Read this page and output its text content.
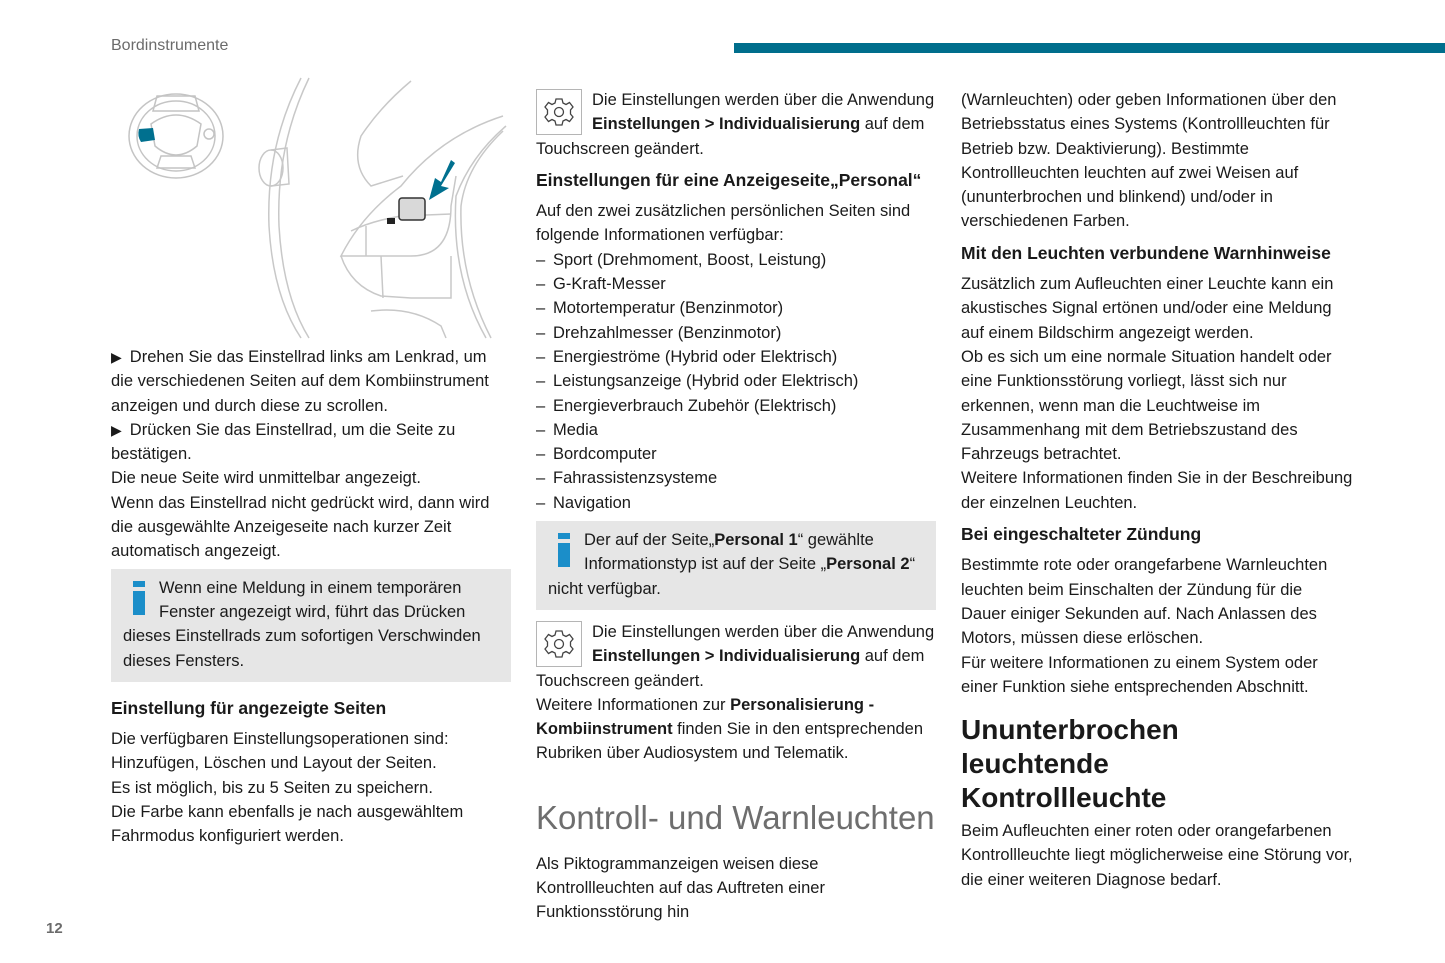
Bordinstrumente

▶ Drehen Sie das Einstellrad links am Lenkrad, um die verschiedenen Seiten auf dem Kombiinstrument anzeigen und durch diese zu scrollen.

▶ Drücken Sie das Einstellrad, um die Seite zu bestätigen.

Die neue Seite wird unmittelbar angezeigt.

Wenn das Einstellrad nicht gedrückt wird, dann wird die ausgewählte Anzeigeseite nach kurzer Zeit automatisch angezeigt.

Wenn eine Meldung in einem temporären Fenster angezeigt wird, führt das Drücken dieses Einstellrads zum sofortigen Verschwinden dieses Fensters.

Einstellung für angezeigte Seiten

Die verfügbaren Einstellungsoperationen sind:

Hinzufügen, Löschen und Layout der Seiten.

Es ist möglich, bis zu 5 Seiten zu speichern.

Die Farbe kann ebenfalls je nach ausgewähltem Fahrmodus konfiguriert werden.

Die Einstellungen werden über die Anwendung Einstellungen > Individualisierung auf dem Touchscreen geändert.

Einstellungen für eine Anzeigeseite„Personal“

Auf den zwei zusätzlichen persönlichen Seiten sind folgende Informationen verfügbar:

– Sport (Drehmoment, Boost, Leistung)
– G-Kraft-Messer
– Motortemperatur (Benzinmotor)
– Drehzahlmesser (Benzinmotor)
– Energieströme (Hybrid oder Elektrisch)
– Leistungsanzeige (Hybrid oder Elektrisch)
– Energieverbrauch Zubehör (Elektrisch)
– Media
– Bordcomputer
– Fahrassistenzsysteme
– Navigation
Der auf der Seite„Personal 1“ gewählte Informationstyp ist auf der Seite „Personal 2“ nicht verfügbar.
Die Einstellungen werden über die Anwendung Einstellungen > Individualisierung auf dem Touchscreen geändert.

Weitere Informationen zur Personalisierung - Kombiinstrument finden Sie in den entsprechenden Rubriken über Audiosystem und Telematik.

Kontroll- und Warnleuchten

Als Piktogrammanzeigen weisen diese Kontrollleuchten auf das Auftreten einer Funktionsstörung hin

(Warnleuchten) oder geben Informationen über den Betriebsstatus eines Systems (Kontrollleuchten für Betrieb bzw. Deaktivierung). Bestimmte Kontrollleuchten leuchten auf zwei Weisen auf (ununterbrochen und blinkend) und/oder in verschiedenen Farben.

Mit den Leuchten verbundene Warnhinweise

Zusätzlich zum Aufleuchten einer Leuchte kann ein akustisches Signal ertönen und/oder eine Meldung auf einem Bildschirm angezeigt werden.

Ob es sich um eine normale Situation handelt oder eine Funktionsstörung vorliegt, lässt sich nur erkennen, wenn man die Leuchtweise im Zusammenhang mit dem Betriebszustand des Fahrzeugs betrachtet.

Weitere Informationen finden Sie in der Beschreibung der einzelnen Leuchten.

Bei eingeschalteter Zündung

Bestimmte rote oder orangefarbene Warnleuchten leuchten beim Einschalten der Zündung für die Dauer einiger Sekunden auf. Nach Anlassen des Motors, müssen diese erlöschen.

Für weitere Informationen zu einem System oder einer Funktion siehe entsprechenden Abschnitt.

Ununterbrochen leuchtende Kontrollleuchte

Beim Aufleuchten einer roten oder orangefarbenen Kontrollleuchte liegt möglicherweise eine Störung vor, die einer weiteren Diagnose bedarf.

12
